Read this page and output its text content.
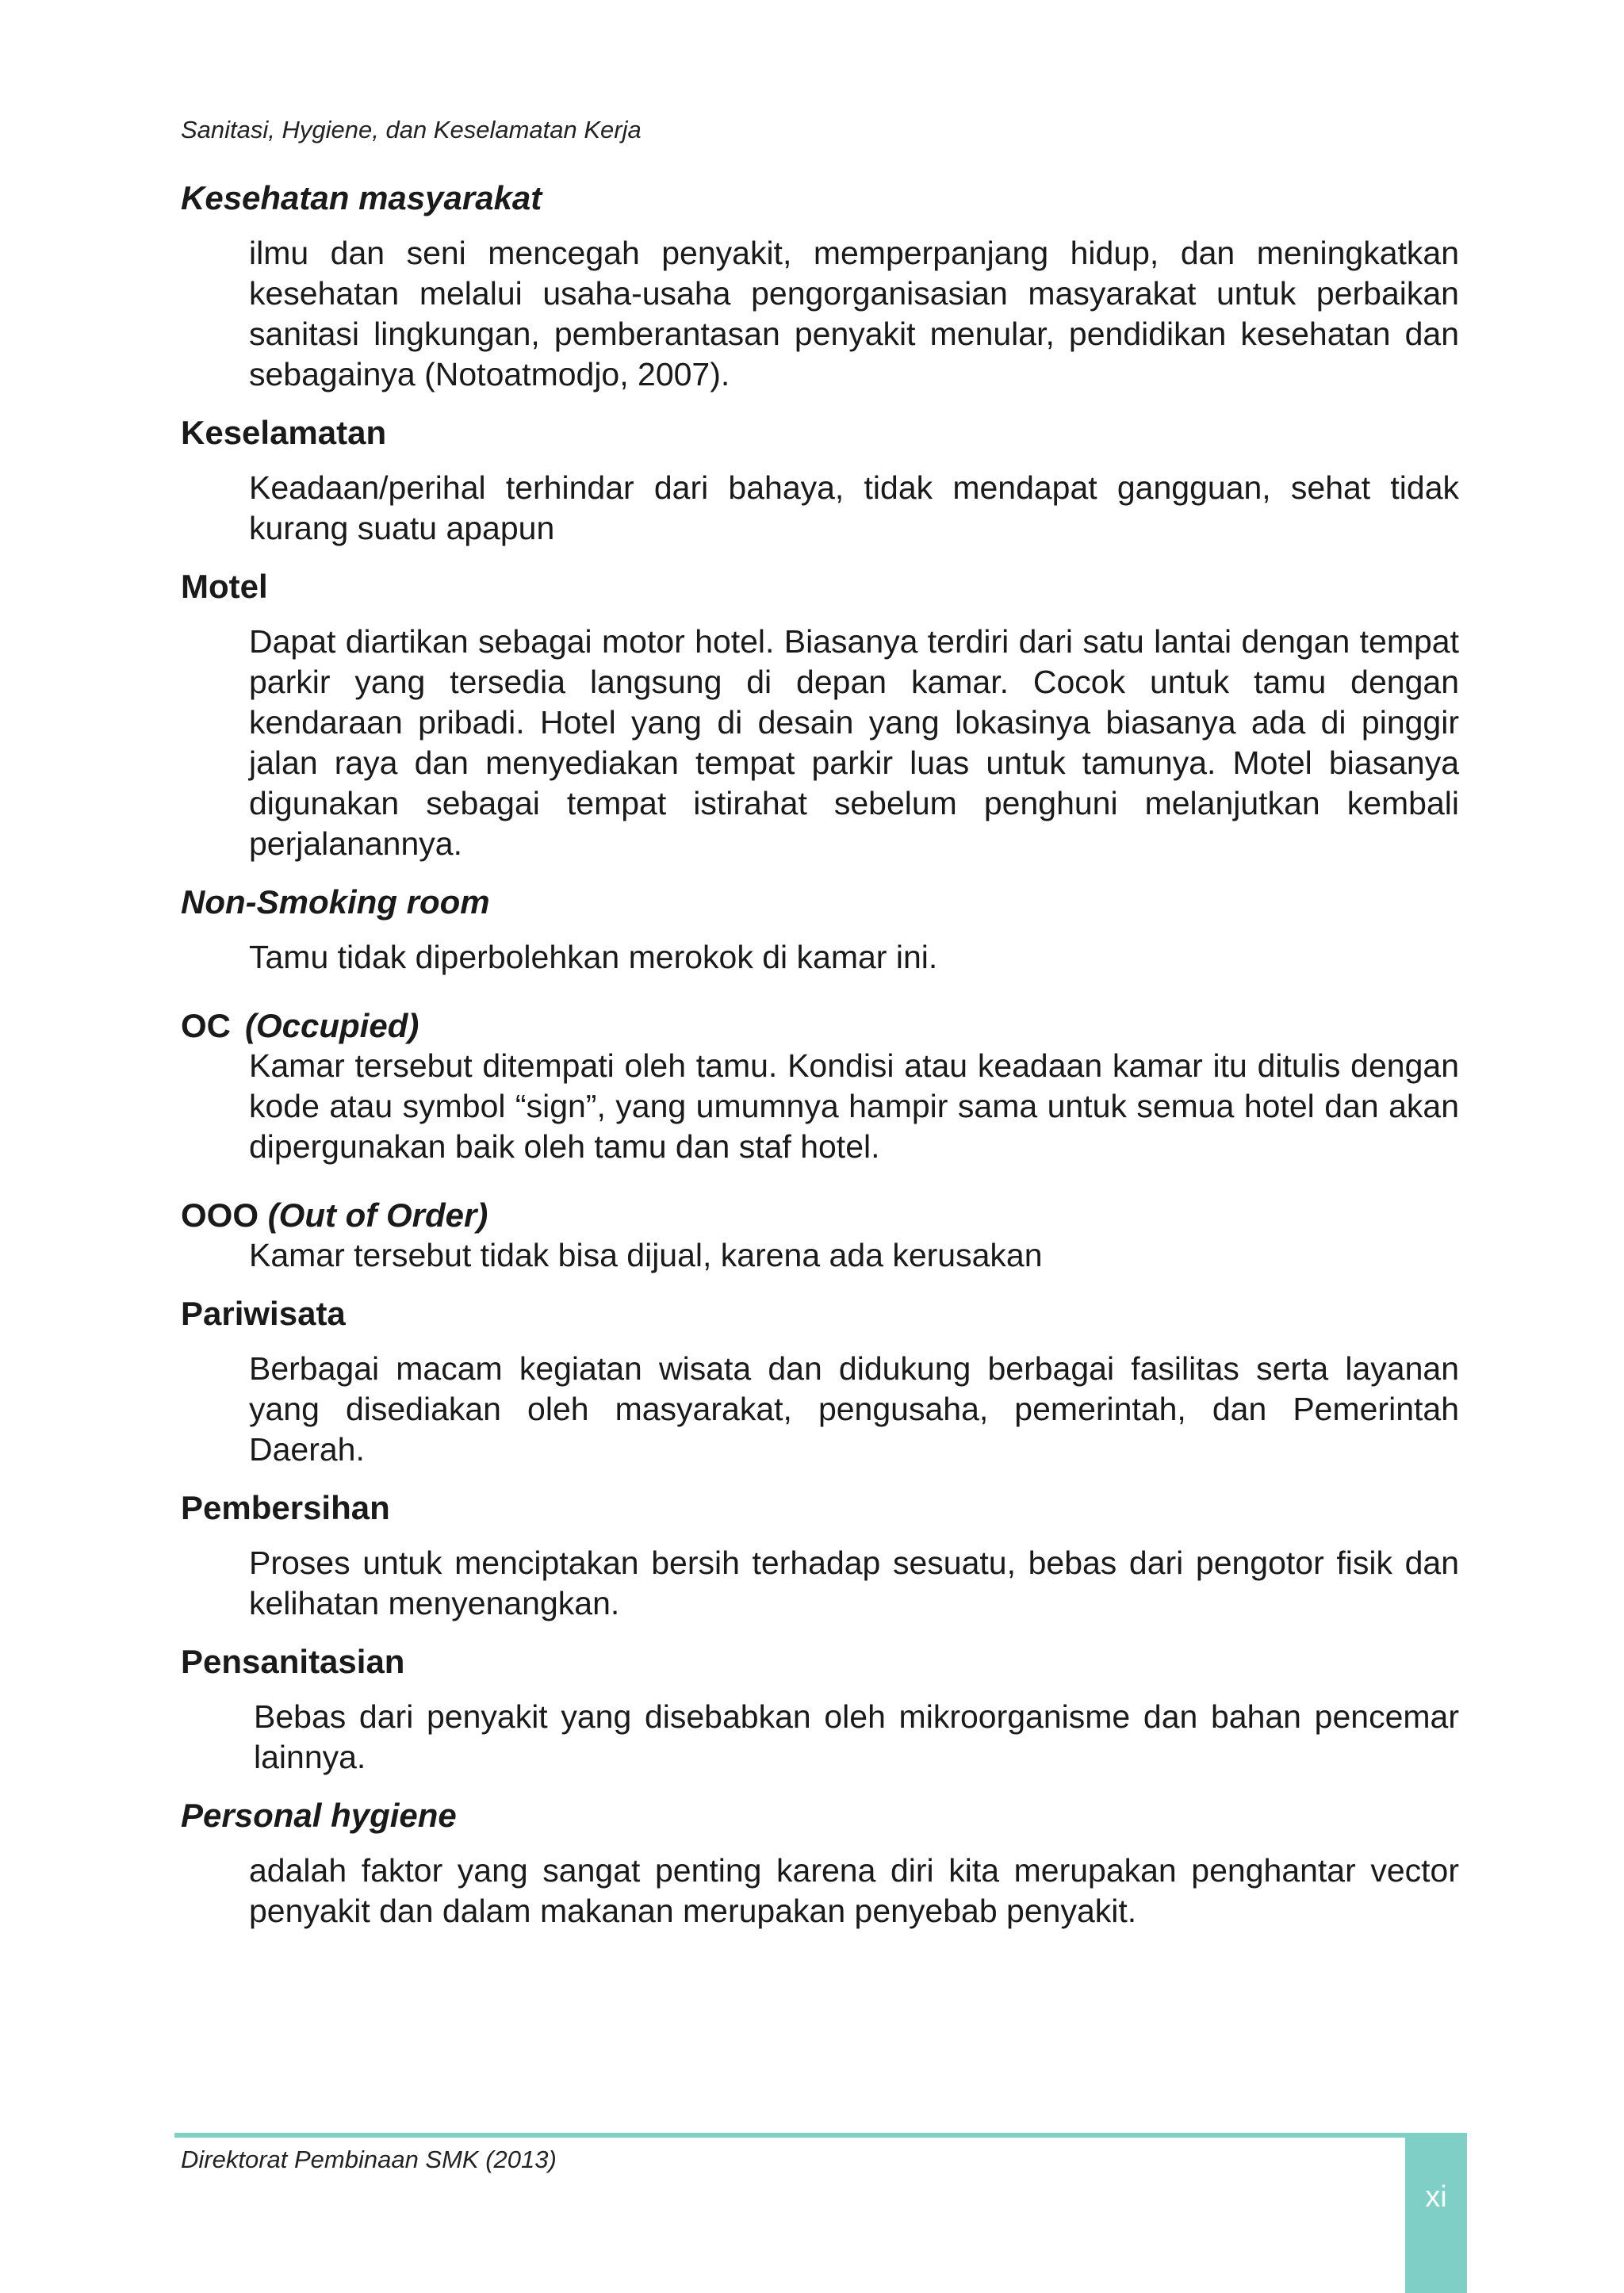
Sanitasi, Hygiene, dan Keselamatan Kerja

Kesehatan masyarakat

ilmu dan seni mencegah penyakit, memperpanjang hidup, dan meningkatkan kesehatan melalui usaha-usaha pengorganisasian masyarakat untuk perbaikan sanitasi lingkungan, pemberantasan penyakit menular, pendidikan kesehatan dan sebagainya (Notoatmodjo, 2007).

Keselamatan

Keadaan/perihal terhindar dari bahaya, tidak mendapat gangguan, sehat tidak kurang suatu apapun

Motel

Dapat diartikan sebagai motor hotel. Biasanya terdiri dari satu lantai dengan tempat parkir yang tersedia langsung di depan kamar. Cocok untuk tamu dengan kendaraan pribadi. Hotel yang di desain yang lokasinya biasanya ada di pinggir jalan raya dan menyediakan tempat parkir luas untuk tamunya. Motel biasanya digunakan sebagai tempat istirahat sebelum penghuni melanjutkan kembali perjalanannya.

Non-Smoking room

Tamu tidak diperbolehkan merokok di kamar ini.

OC (Occupied)

Kamar tersebut ditempati oleh tamu. Kondisi atau keadaan kamar itu ditulis dengan kode atau symbol “sign”, yang umumnya hampir sama untuk semua hotel dan akan dipergunakan baik oleh tamu dan staf hotel.

OOO (Out of Order)

Kamar tersebut tidak bisa dijual, karena ada kerusakan

Pariwisata

Berbagai macam kegiatan wisata dan didukung berbagai fasilitas serta layanan yang disediakan oleh masyarakat, pengusaha, pemerintah, dan Pemerintah Daerah.

Pembersihan

Proses untuk menciptakan bersih terhadap sesuatu, bebas dari pengotor fisik dan kelihatan menyenangkan.

Pensanitasian

Bebas dari penyakit yang disebabkan oleh mikroorganisme dan bahan pencemar lainnya.

Personal hygiene

adalah faktor yang sangat penting karena diri kita merupakan penghantar vector penyakit dan dalam makanan merupakan penyebab penyakit.

Direktorat Pembinaan SMK (2013)
xi
